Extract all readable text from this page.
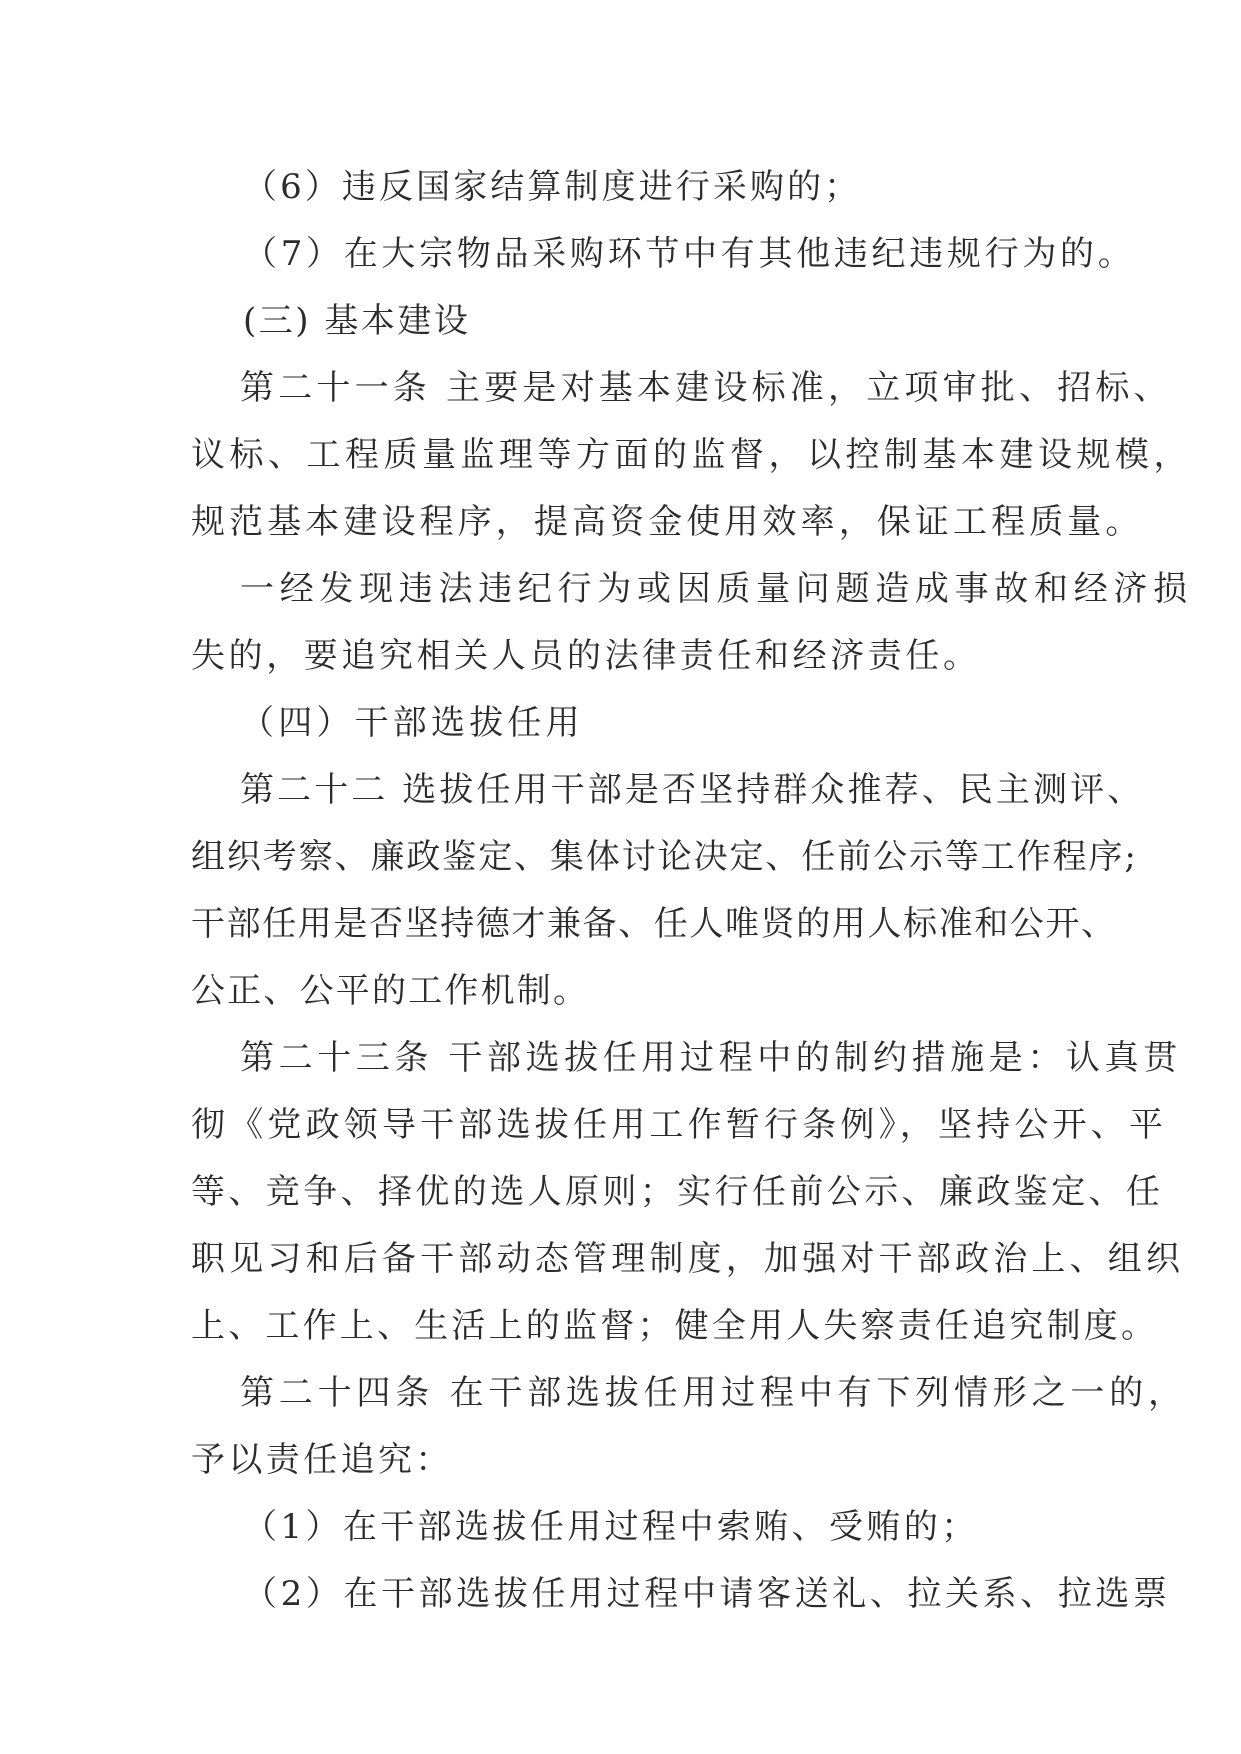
（6）违反国家结算制度进行采购的；
（7）在大宗物品采购环节中有其他违纪违规行为的。
(三) 基本建设
第二十一条 主要是对基本建设标准，立项审批、招标、
议标、工程质量监理等方面的监督，以控制基本建设规模，
规范基本建设程序，提高资金使用效率，保证工程质量。
一经发现违法违纪行为或因质量问题造成事故和经济损
失的，要追究相关人员的法律责任和经济责任。
（四）干部选拔任用
第二十二 选拔任用干部是否坚持群众推荐、民主测评、
组织考察、廉政鉴定、集体讨论决定、任前公示等工作程序;
干部任用是否坚持德才兼备、任人唯贤的用人标准和公开、
公正、公平的工作机制。
第二十三条 干部选拔任用过程中的制约措施是：认真贯
彻《党政领导干部选拔任用工作暂行条例》，坚持公开、平
等、竞争、择优的选人原则；实行任前公示、廉政鉴定、任
职见习和后备干部动态管理制度，加强对干部政治上、组织
上、工作上、生活上的监督；健全用人失察责任追究制度。
第二十四条 在干部选拔任用过程中有下列情形之一的，
予以责任追究：
（1）在干部选拔任用过程中索贿、受贿的；
（2）在干部选拔任用过程中请客送礼、拉关系、拉选票
